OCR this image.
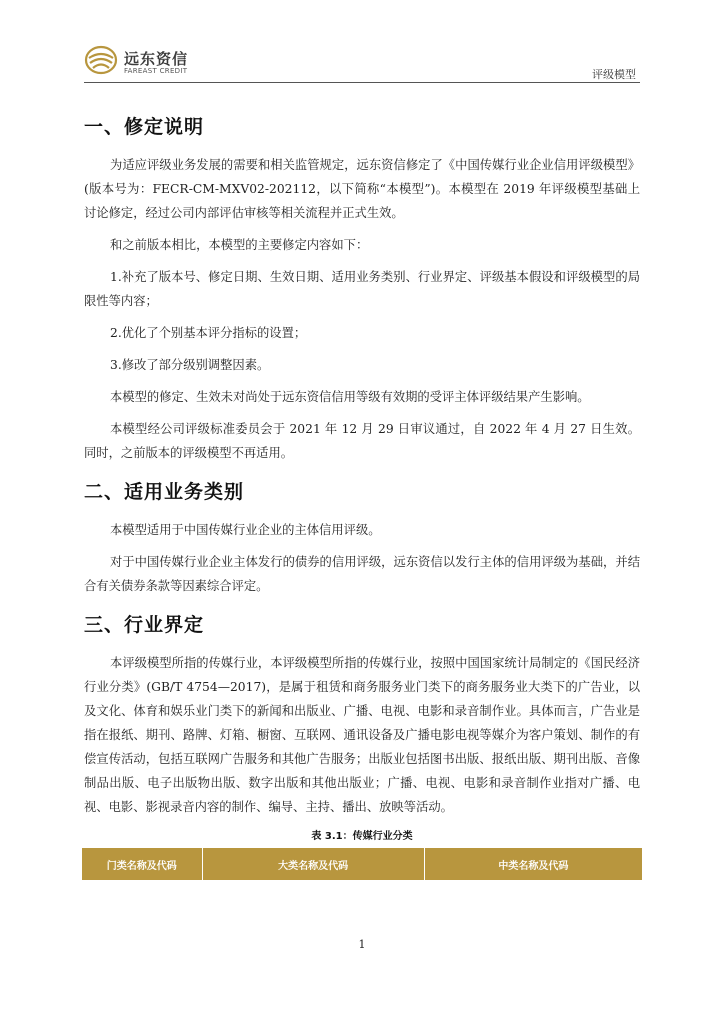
远东资信
FAREAST CREDIT	评级模型
一、修定说明

为适应评级业务发展的需要和相关监管规定，远东资信修定了《中国传媒行业企业信用评级模型》(版本号为：FECR-CM-MXV02-202112，以下简称“本模型”)。本模型在 2019 年评级模型基础上讨论修定，经过公司内部评估审核等相关流程并正式生效。

和之前版本相比，本模型的主要修定内容如下：

1.补充了版本号、修定日期、生效日期、适用业务类别、行业界定、评级基本假设和评级模型的局限性等内容；

2.优化了个别基本评分指标的设置；

3.修改了部分级别调整因素。

本模型的修定、生效未对尚处于远东资信信用等级有效期的受评主体评级结果产生影响。

本模型经公司评级标准委员会于 2021 年 12 月 29 日审议通过，自 2022 年 4 月 27 日生效。同时，之前版本的评级模型不再适用。

二、适用业务类别

本模型适用于中国传媒行业企业的主体信用评级。

对于中国传媒行业企业主体发行的债券的信用评级，远东资信以发行主体的信用评级为基础，并结合有关债券条款等因素综合评定。

三、行业界定

本评级模型所指的传媒行业，本评级模型所指的传媒行业，按照中国国家统计局制定的《国民经济行业分类》(GB/T 4754—2017)，是属于租赁和商务服务业门类下的商务服务业大类下的广告业，以及文化、体育和娱乐业门类下的新闻和出版业、广播、电视、电影和录音制作业。具体而言，广告业是指在报纸、期刊、路牌、灯箱、橱窗、互联网、通讯设备及广播电影电视等媒介为客户策划、制作的有偿宣传活动，包括互联网广告服务和其他广告服务；出版业包括图书出版、报纸出版、期刊出版、音像制品出版、电子出版物出版、数字出版和其他出版业；广播、电视、电影和录音制作业指对广播、电视、电影、影视录音内容的制作、编导、主持、播出、放映等活动。

表 3.1：传媒行业分类
门类名称及代码	大类名称及代码	中类名称及代码
1
